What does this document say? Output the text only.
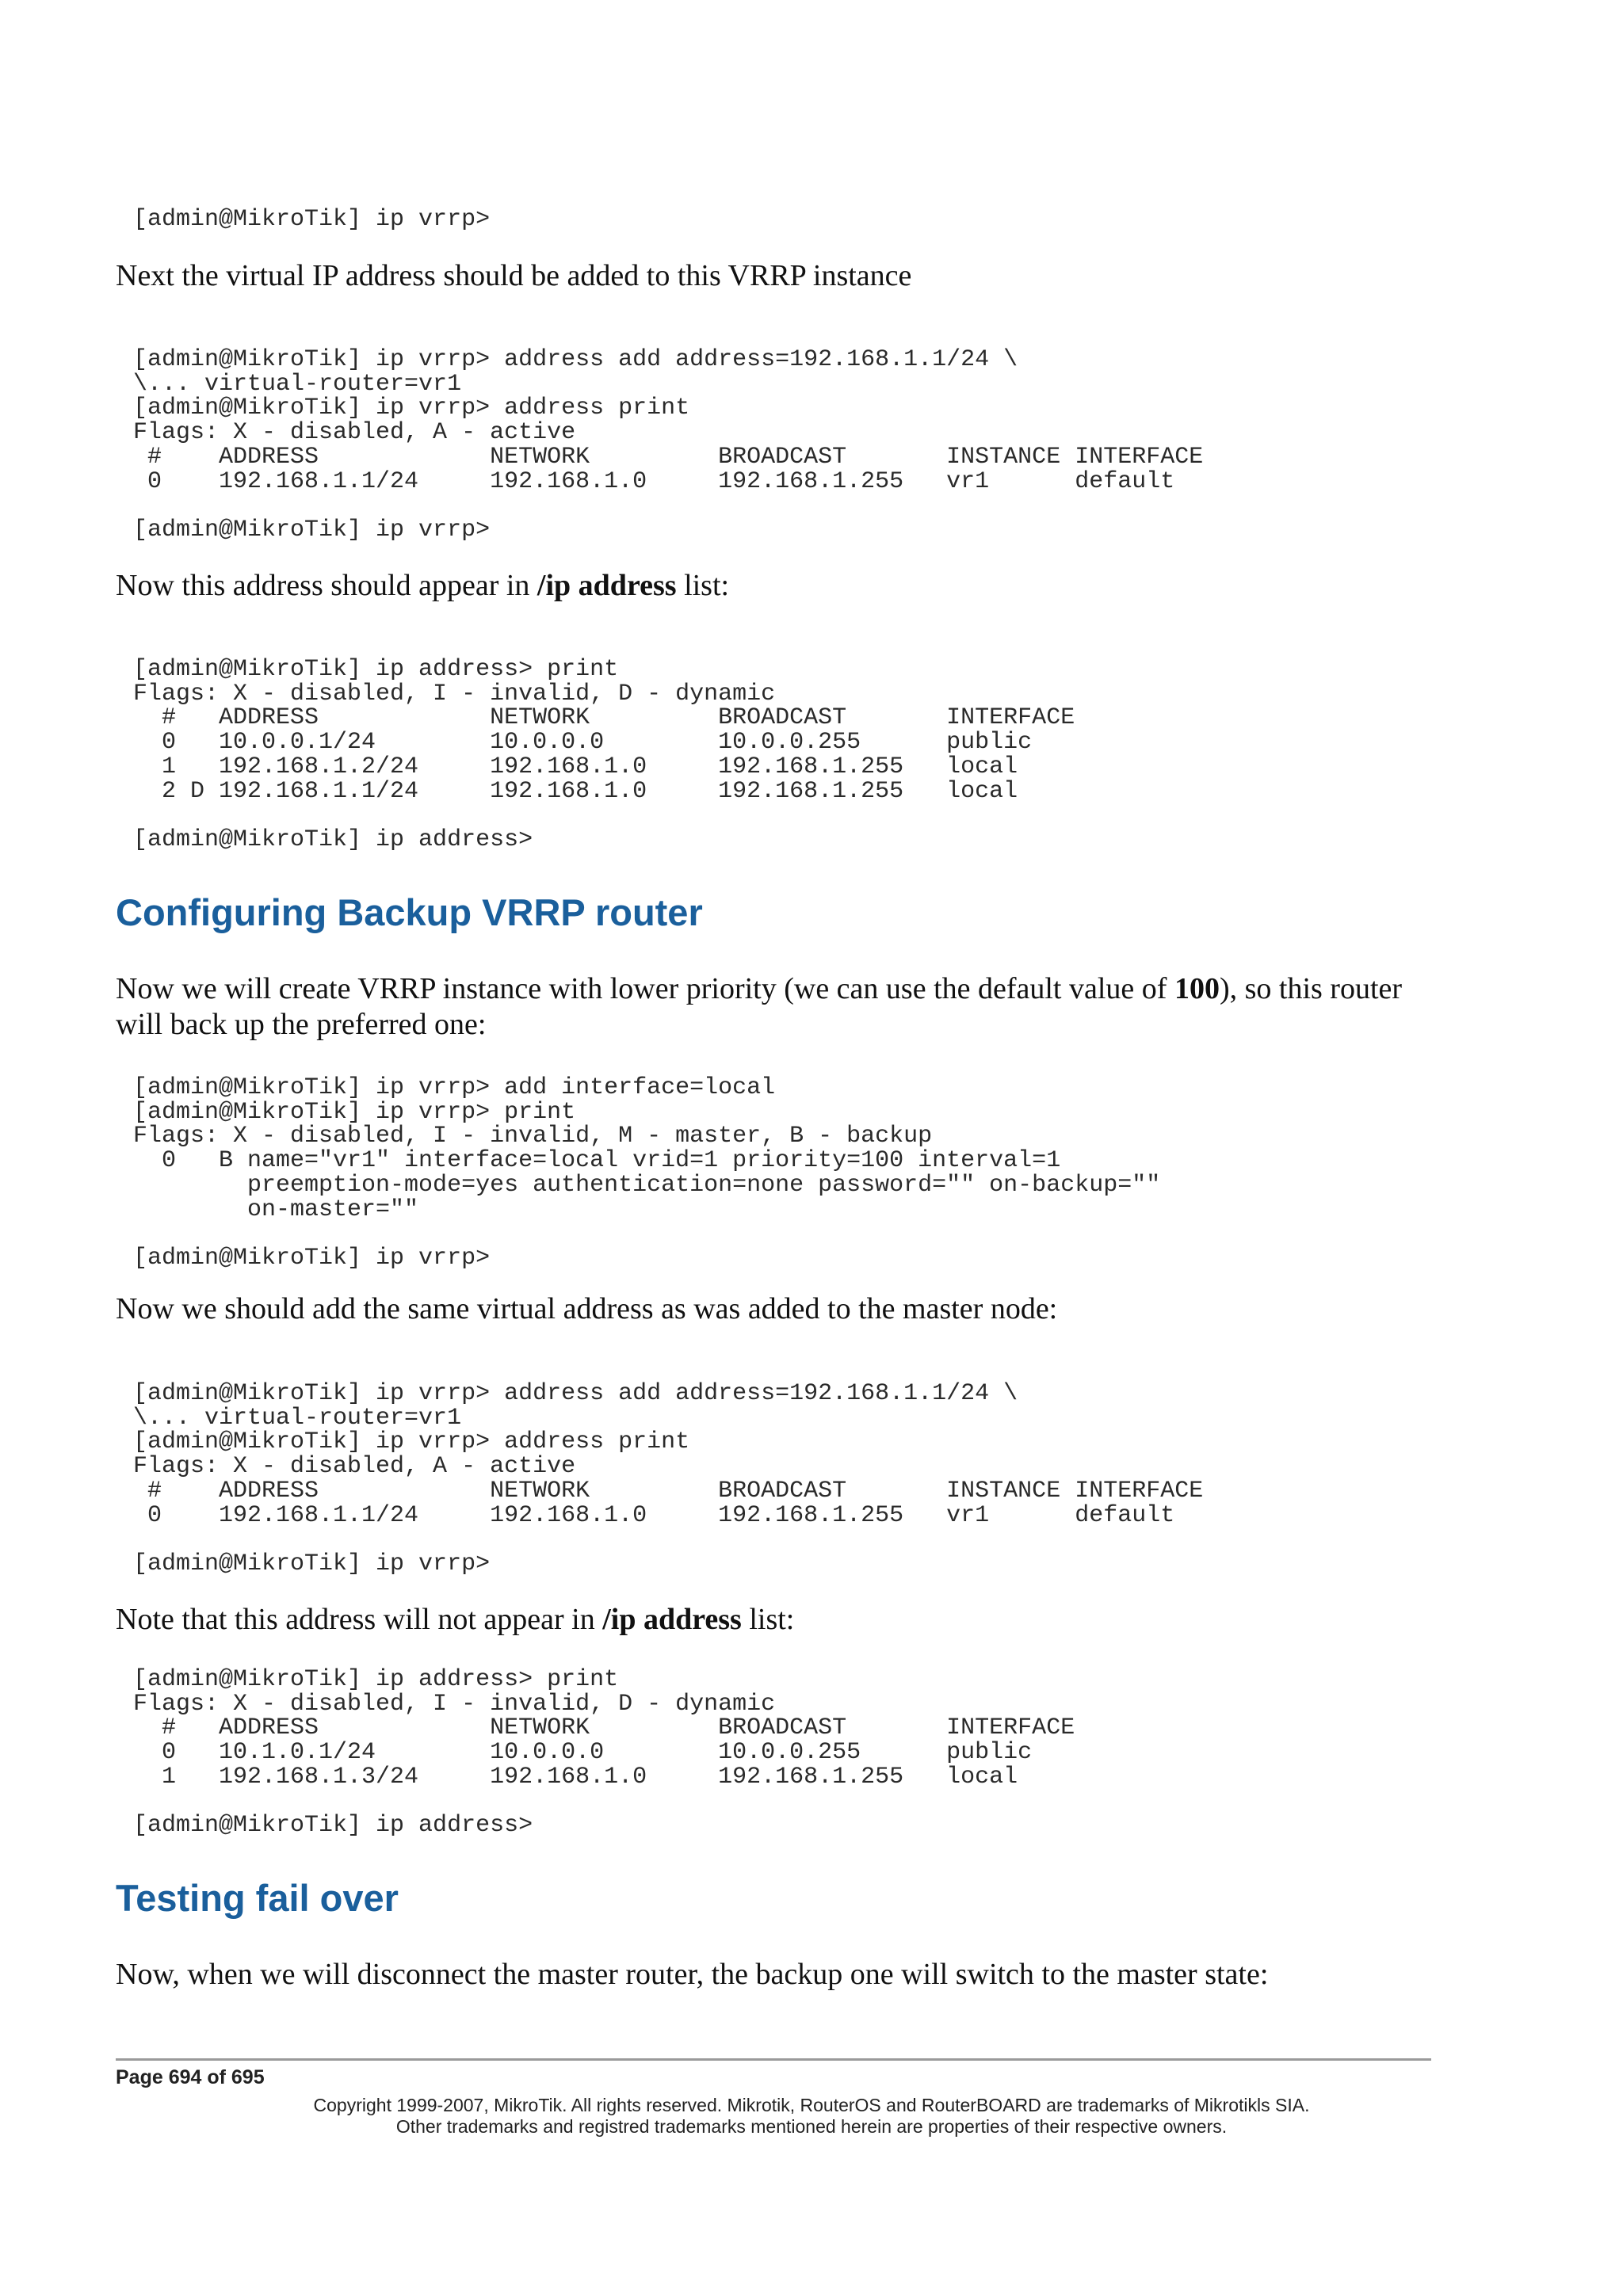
[admin@MikroTik] ip vrrp>

Next the virtual IP address should be added to this VRRP instance

[admin@MikroTik] ip vrrp> address add address=192.168.1.1/24 \
\... virtual-router=vr1
[admin@MikroTik] ip vrrp> address print
Flags: X - disabled, A - active
#    ADDRESS            NETWORK         BROADCAST       INSTANCE INTERFACE
0    192.168.1.1/24     192.168.1.0     192.168.1.255   vr1      default

[admin@MikroTik] ip vrrp>

Now this address should appear in /ip address list:

[admin@MikroTik] ip address> print
Flags: X - disabled, I - invalid, D - dynamic
#   ADDRESS            NETWORK         BROADCAST       INTERFACE
0   10.0.0.1/24        10.0.0.0        10.0.0.255      public
1   192.168.1.2/24     192.168.1.0     192.168.1.255   local
2 D 192.168.1.1/24     192.168.1.0     192.168.1.255   local

[admin@MikroTik] ip address>
Configuring Backup VRRP router

Now we will create VRRP instance with lower priority (we can use the default value of 100), so this router will back up the preferred one:

[admin@MikroTik] ip vrrp> add interface=local
[admin@MikroTik] ip vrrp> print
Flags: X - disabled, I - invalid, M - master, B - backup
0   B name="vr1" interface=local vrid=1 priority=100 interval=1
preemption-mode=yes authentication=none password="" on-backup=""
on-master=""

[admin@MikroTik] ip vrrp>

Now we should add the same virtual address as was added to the master node:

[admin@MikroTik] ip vrrp> address add address=192.168.1.1/24 \
\... virtual-router=vr1
[admin@MikroTik] ip vrrp> address print
Flags: X - disabled, A - active
#    ADDRESS            NETWORK         BROADCAST       INSTANCE INTERFACE
0    192.168.1.1/24     192.168.1.0     192.168.1.255   vr1      default

[admin@MikroTik] ip vrrp>

Note that this address will not appear in /ip address list:

[admin@MikroTik] ip address> print
Flags: X - disabled, I - invalid, D - dynamic
#   ADDRESS            NETWORK         BROADCAST       INTERFACE
0   10.1.0.1/24        10.0.0.0        10.0.0.255      public
1   192.168.1.3/24     192.168.1.0     192.168.1.255   local

[admin@MikroTik] ip address>
Testing fail over

Now, when we will disconnect the master router, the backup one will switch to the master state:

Page 694 of 695
Copyright 1999-2007, MikroTik. All rights reserved. Mikrotik, RouterOS and RouterBOARD are trademarks of Mikrotikls SIA.
Other trademarks and registred trademarks mentioned herein are properties of their respective owners.
